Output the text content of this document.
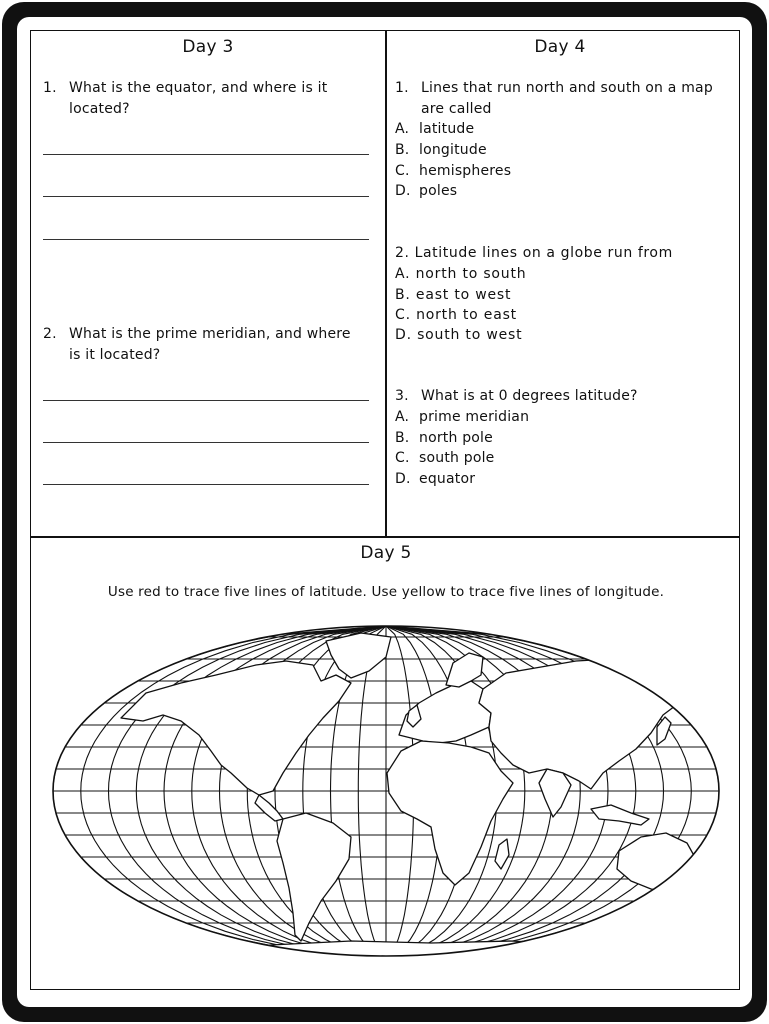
Day 3
1. What is the equator, and where is it located?
2. What is the prime meridian, and where is it located?
Day 4
1. Lines that run north and south on a map are called
A. latitude
B. longitude
C. hemispheres
D. poles
2. Latitude lines on a globe run from
A. north to south
B. east to west
C. north to east
D. south to west
3. What is at 0 degrees latitude?
A. prime meridian
B. north pole
C. south pole
D. equator
Day 5
Use red to trace five lines of latitude. Use yellow to trace five lines of longitude.
